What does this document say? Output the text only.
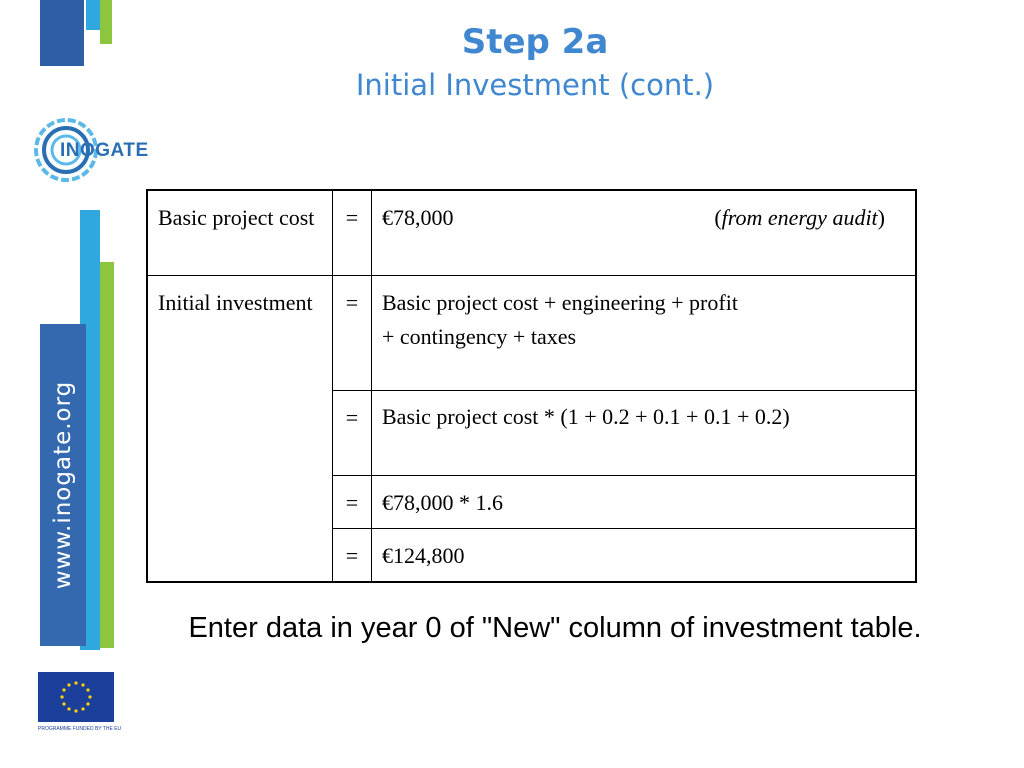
INOGATE
www.inogate.org
PROGRAMME FUNDED BY THE EU
Step 2a
Initial Investment (cont.)
Basic project cost	=	€78,000 (from energy audit)

Initial investment	=	Basic project cost + engineering + profit
+ contingency + taxes

	=	Basic project cost * (1 + 0.2 + 0.1 + 0.1 + 0.2)
	=	€78,000 * 1.6
	=	€124,800
Enter data in year 0 of "New" column of investment table.
